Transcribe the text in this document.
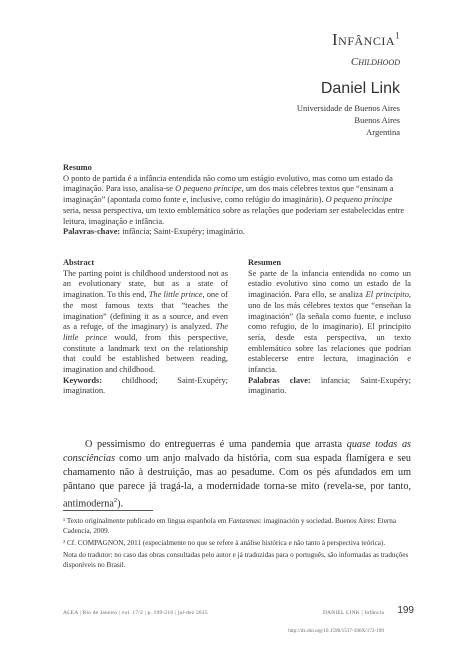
Infância$^1$
Childhood
Daniel Link
Universidade de Buenos Aires
Buenos Aires
Argentina
Resumo

O ponto de partida é a infância entendida não como um estágio evolutivo, mas como um estado da imaginação. Para isso, analisa-se O pequeno príncipe, um dos mais célebres textos que “ensinam a imaginação” (apontada como fonte e, inclusive, como refúgio do imaginário). O pequeno príncipe seria, nessa perspectiva, um texto emblemático sobre as relações que poderiam ser estabelecidas entre leitura, imaginação e infância.

Palavras-chave: infância; Saint-Exupéry; imaginário.

Abstract

The parting point is childhood understood not as an evolutionary state, but as a state of imagination. To this end, The little prince, one of the most famous texts that “teaches the imagination” (defining it as a source, and even as a refuge, of the imaginary) is analyzed. The little prince would, from this perspective, constitute a landmark text on the relationship that could be established between reading, imagination and childhood.

Keywords: childhood; Saint-Exupéry; imagination.

Resumen

Se parte de la infancia entendida no como un estadio evolutivo sino como un estado de la imaginación. Para ello, se analiza El principito, uno de los más célebres textos que “enseñan la imaginación” (la señala como fuente, e incluso como refugio, de lo imaginario). El principito sería, desde esta perspectiva, un texto emblemático sobre las relaciones que podrían establecerse entre lectura, imaginación e infancia.

Palabras clave: infancia; Saint-Exupéry; imaginario.

O pessimismo do entreguerras é uma pandemia que arrasta quase todas as consciências como um anjo malvado da história, com sua espada flamígera e seu chamamento não à destruição, mas ao pesadume. Com os pés afundados em um pântano que parece já tragá-la, a modernidade torna-se mito (revela-se, por tanto, antimoderna$^2$).

¹ Texto originalmente publicado em língua espanhola em Fantasmas: imaginación y sociedad. Buenos Aires: Eterna Cadencia, 2009.

² Cf. COMPAGNON, 2011 (especialmente no que se refere à análise histórica e não tanto à perspectiva teórica).

Nota do tradutor: no caso das obras consultadas pelo autor e já traduzidas para o português, são informadas as traduções disponíveis no Brasil.

ALEA | Rio de Janeiro | vol. 17/2 | p. 199-216 | jul-dez 2015	DANIEL LINK | Infância 199
http://dx.doi.org/10.1590/1517-106X/172-199
